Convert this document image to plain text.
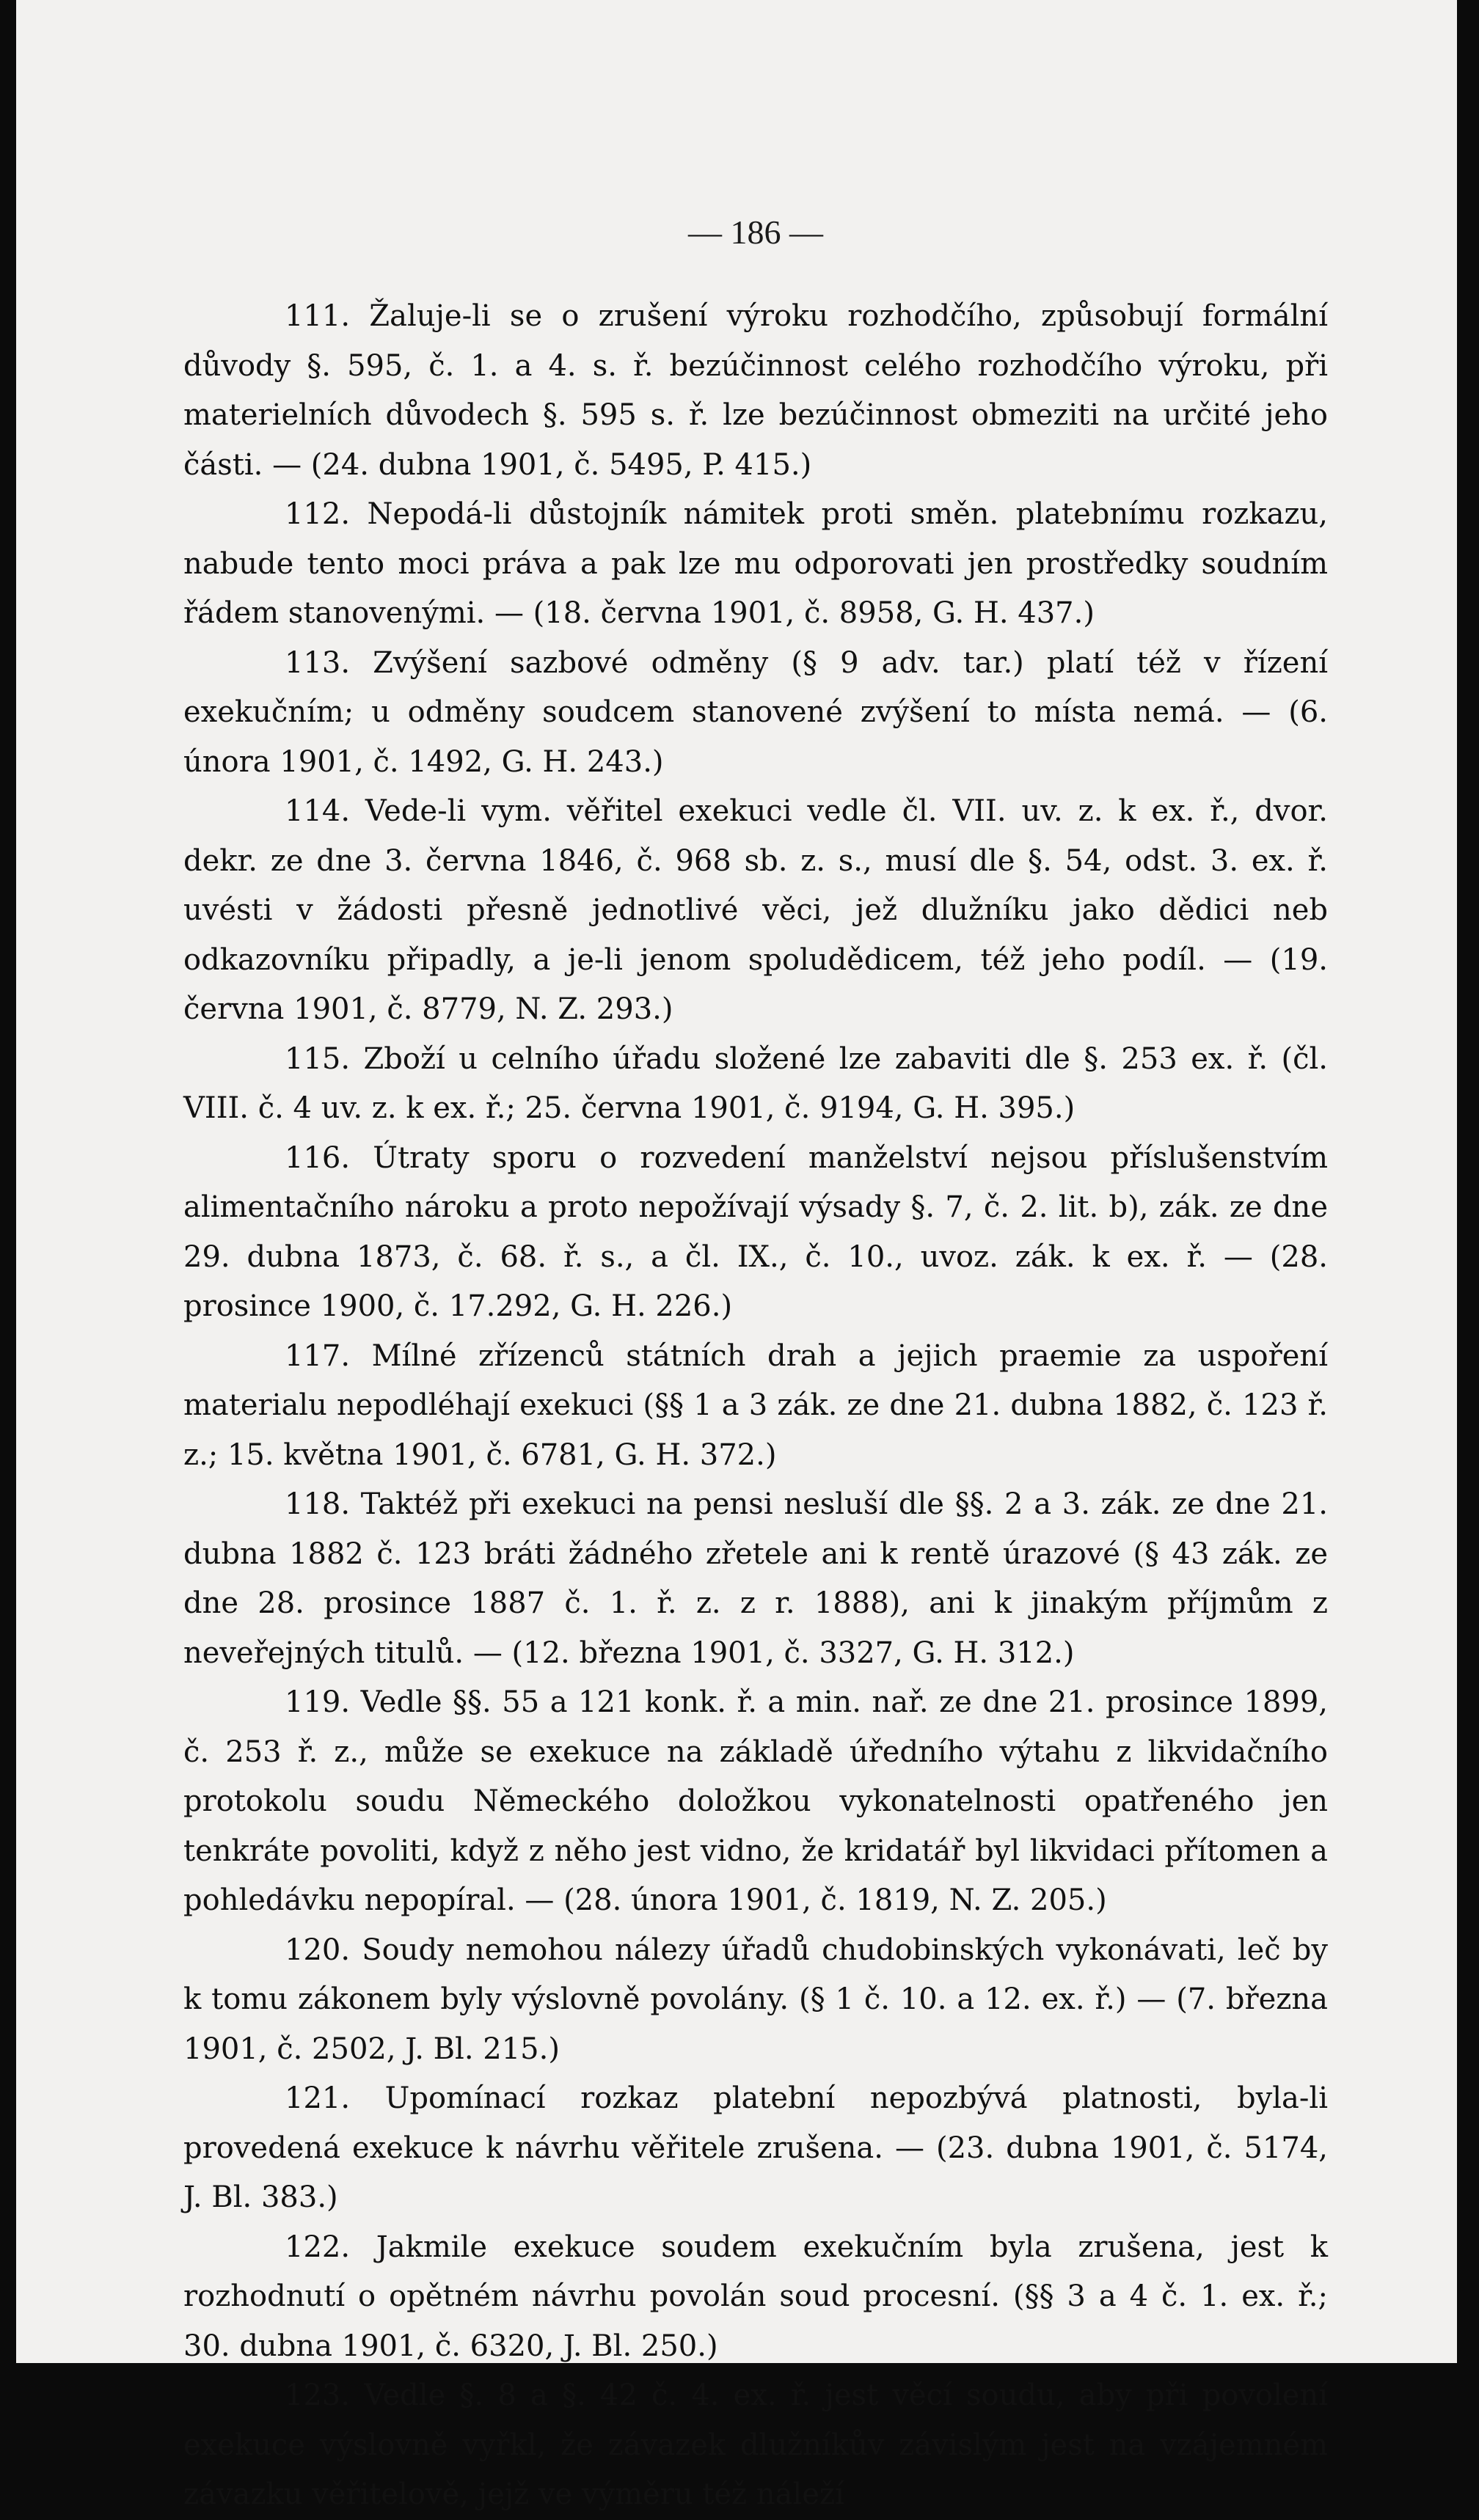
— 186 —

111. Žaluje-li se o zrušení výroku rozhodčího, způsobují formální důvody §. 595, č. 1. a 4. s. ř. bezúčinnost celého rozhodčího výroku, při materielních důvodech §. 595 s. ř. lze bezúčinnost obmeziti na určité jeho části. — (24. dubna 1901, č. 5495, P. 415.)

112. Nepodá-li důstojník námitek proti směn. platebnímu rozkazu, nabude tento moci práva a pak lze mu odporovati jen prostředky soudním řádem stanovenými. — (18. června 1901, č. 8958, G. H. 437.)

113. Zvýšení sazbové odměny (§ 9 adv. tar.) platí též v řízení exekučním; u odměny soudcem stanovené zvýšení to místa nemá. — (6. února 1901, č. 1492, G. H. 243.)

114. Vede-li vym. věřitel exekuci vedle čl. VII. uv. z. k ex. ř., dvor. dekr. ze dne 3. června 1846, č. 968 sb. z. s., musí dle §. 54, odst. 3. ex. ř. uvésti v žádosti přesně jednotlivé věci, jež dlužníku jako dědici neb odkazovníku připadly, a je-li jenom spoludědicem, též jeho podíl. — (19. června 1901, č. 8779, N. Z. 293.)

115. Zboží u celního úřadu složené lze zabaviti dle §. 253 ex. ř. (čl. VIII. č. 4 uv. z. k ex. ř.; 25. června 1901, č. 9194, G. H. 395.)

116. Útraty sporu o rozvedení manželství nejsou příslušenstvím alimentačního nároku a proto nepožívají výsady §. 7, č. 2. lit. b), zák. ze dne 29. dubna 1873, č. 68. ř. s., a čl. IX., č. 10., uvoz. zák. k ex. ř. — (28. prosince 1900, č. 17.292, G. H. 226.)

117. Mílné zřízenců státních drah a jejich praemie za uspoření materialu nepodléhají exekuci (§§ 1 a 3 zák. ze dne 21. dubna 1882, č. 123 ř. z.; 15. května 1901, č. 6781, G. H. 372.)

118. Taktéž při exekuci na pensi nesluší dle §§. 2 a 3. zák. ze dne 21. dubna 1882 č. 123 bráti žádného zřetele ani k rentě úrazové (§ 43 zák. ze dne 28. prosince 1887 č. 1. ř. z. z r. 1888), ani k jinakým příjmům z neveřejných titulů. — (12. března 1901, č. 3327, G. H. 312.)

119. Vedle §§. 55 a 121 konk. ř. a min. nař. ze dne 21. prosince 1899, č. 253 ř. z., může se exekuce na základě úředního výtahu z likvidačního protokolu soudu Německého doložkou vykonatelnosti opatřeného jen tenkráte povoliti, když z něho jest vidno, že kridatář byl likvidaci přítomen a pohledávku nepopíral. — (28. února 1901, č. 1819, N. Z. 205.)

120. Soudy nemohou nálezy úřadů chudobinských vykonávati, leč by k tomu zákonem byly výslovně povolány. (§ 1 č. 10. a 12. ex. ř.) — (7. března 1901, č. 2502, J. Bl. 215.)

121. Upomínací rozkaz platební nepozbývá platnosti, byla-li provedená exekuce k návrhu věřitele zrušena. — (23. dubna 1901, č. 5174, J. Bl. 383.)

122. Jakmile exekuce soudem exekučním byla zrušena, jest k rozhodnutí o opětném návrhu povolán soud procesní. (§§ 3 a 4 č. 1. ex. ř.; 30. dubna 1901, č. 6320, J. Bl. 250.)

123. Vedle §. 8 a §. 42 č. 4. ex. ř. jest věcí soudu, aby při povolení exekuce výslovně vyřkl, že závazek dlužníkův závislým jest na vzájemném závazku věřitelově, jejž ve výměru též náleží
